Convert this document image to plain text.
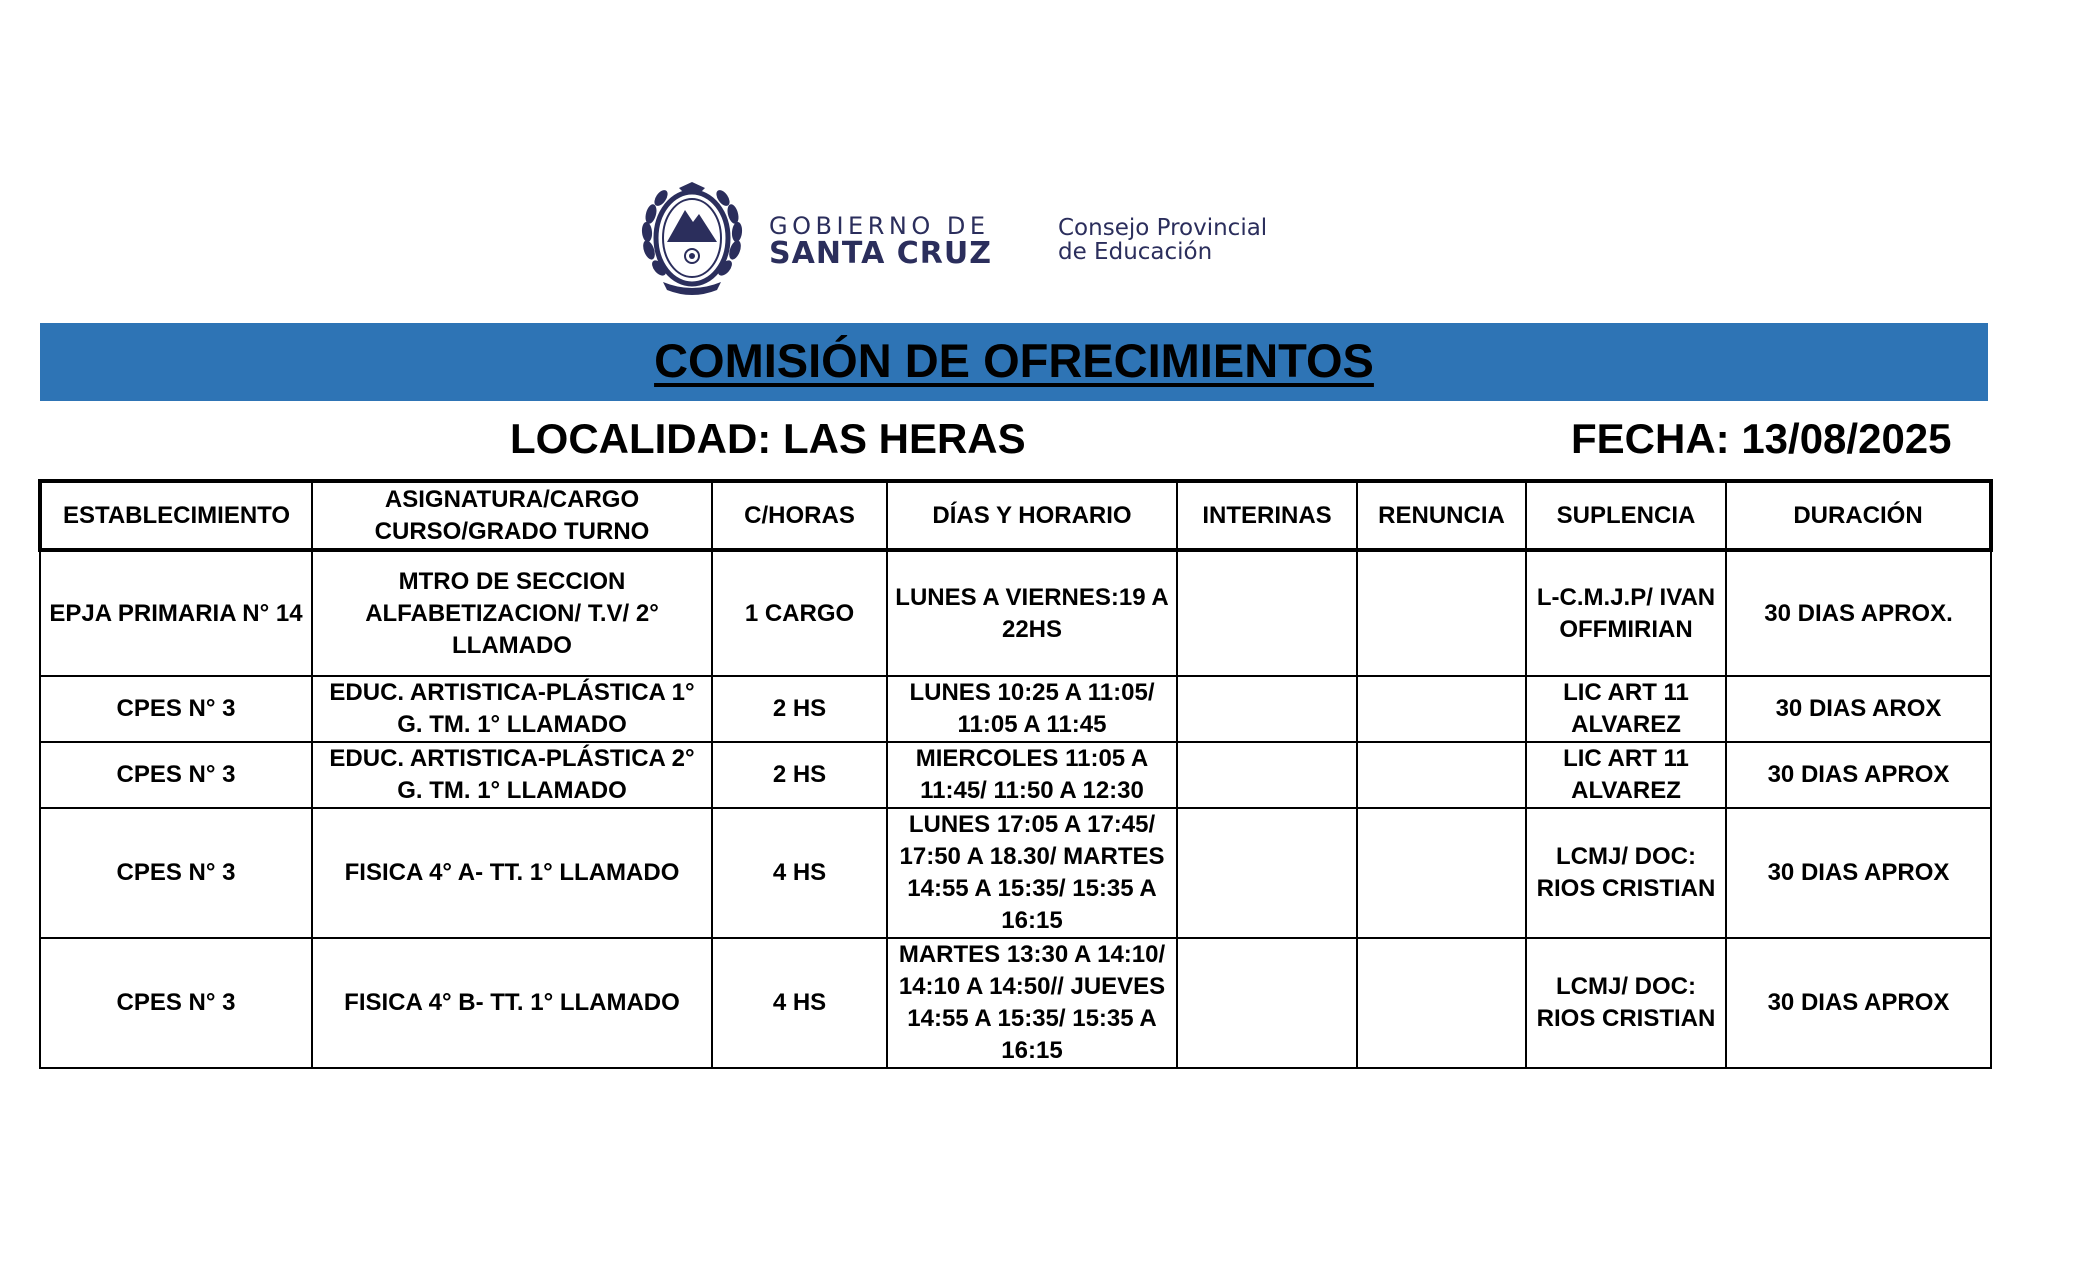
GOBIERNO DE
SANTA CRUZ
Consejo Provincial
de Educación
COMISIÓN DE OFRECIMIENTOS
LOCALIDAD: LAS HERAS	FECHA: 13/08/2025
ESTABLECIMIENTO	ASIGNATURA/CARGO CURSO/GRADO TURNO	C/HORAS	DÍAS Y HORARIO	INTERINAS	RENUNCIA	SUPLENCIA	DURACIÓN
EPJA PRIMARIA N° 14	MTRO DE SECCION ALFABETIZACION/ T.V/ 2° LLAMADO	1 CARGO	LUNES A VIERNES:19 A 22HS			L-C.M.J.P/ IVANOFFMIRIAN	30 DIAS APROX.
CPES N° 3	EDUC. ARTISTICA-PLÁSTICA 1° G. TM. 1° LLAMADO	2 HS	LUNES 10:25 A 11:05/ 11:05 A 11:45			LIC ART 11 ALVAREZ	30 DIAS AROX
CPES N° 3	EDUC. ARTISTICA-PLÁSTICA 2° G. TM. 1° LLAMADO	2 HS	MIERCOLES 11:05 A 11:45/ 11:50 A 12:30			LIC ART 11 ALVAREZ	30 DIAS APROX
CPES N° 3	FISICA 4° A- TT. 1° LLAMADO	4 HS	LUNES 17:05 A 17:45/ 17:50 A 18.30/ MARTES 14:55 A 15:35/ 15:35 A 16:15			LCMJ/ DOC: RIOS CRISTIAN	30 DIAS APROX
CPES N° 3	FISICA 4° B- TT. 1° LLAMADO	4 HS	MARTES 13:30 A 14:10/ 14:10 A 14:50// JUEVES 14:55 A 15:35/ 15:35 A 16:15			LCMJ/ DOC: RIOS CRISTIAN	30 DIAS APROX
